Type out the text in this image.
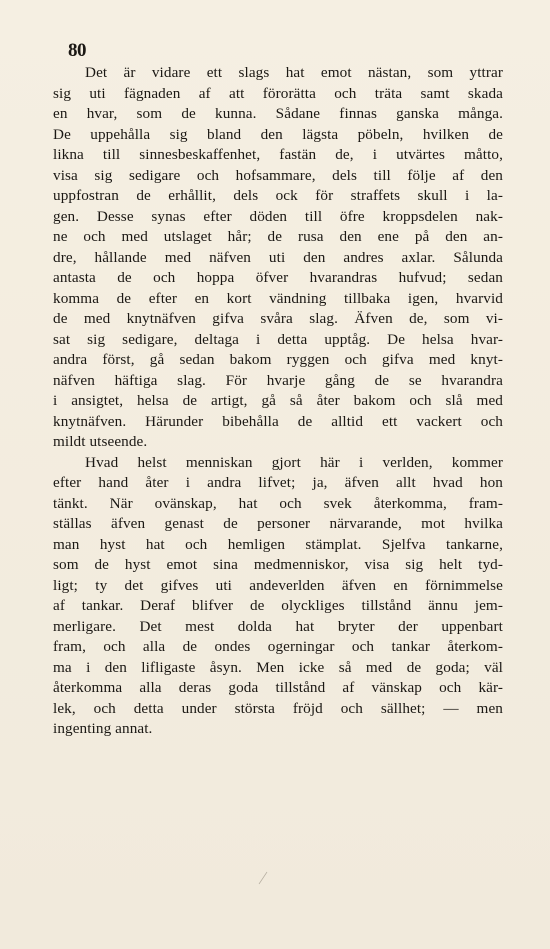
80
Det är vidare ett slags hat emot nästan, som yttrar
sig uti fägnaden af att förorätta och träta samt skada
en hvar, som de kunna. Sådane finnas ganska många.
De uppehålla sig bland den lägsta pöbeln, hvilken de
likna till sinnesbeskaffenhet, fastän de, i utvärtes måtto,
visa sig sedigare och hofsammare, dels till följe af den
uppfostran de erhållit, dels ock för straffets skull i la-
gen. Desse synas efter döden till öfre kroppsdelen nak-
ne och med utslaget hår; de rusa den ene på den an-
dre, hållande med näfven uti den andres axlar. Sålunda
antasta de och hoppa öfver hvarandras hufvud; sedan
komma de efter en kort vändning tillbaka igen, hvarvid
de med knytnäfven gifva svåra slag. Äfven de, som vi-
sat sig sedigare, deltaga i detta upptåg. De helsa hvar-
andra först, gå sedan bakom ryggen och gifva med knyt-
näfven häftiga slag. För hvarje gång de se hvarandra
i ansigtet, helsa de artigt, gå så åter bakom och slå med
knytnäfven. Härunder bibehålla de alltid ett vackert och
mildt utseende.
Hvad helst menniskan gjort här i verlden, kommer
efter hand åter i andra lifvet; ja, äfven allt hvad hon
tänkt. När ovänskap, hat och svek återkomma, fram-
ställas äfven genast de personer närvarande, mot hvilka
man hyst hat och hemligen stämplat. Sjelfva tankarne,
som de hyst emot sina medmenniskor, visa sig helt tyd-
ligt; ty det gifves uti andeverlden äfven en förnimmelse
af tankar. Deraf blifver de olyckliges tillstånd ännu jem-
merligare. Det mest dolda hat bryter der uppenbart
fram, och alla de ondes ogerningar och tankar återkom-
ma i den lifligaste åsyn. Men icke så med de goda; väl
återkomma alla deras goda tillstånd af vänskap och kär-
lek, och detta under största fröjd och sällhet; — men
ingenting annat.
